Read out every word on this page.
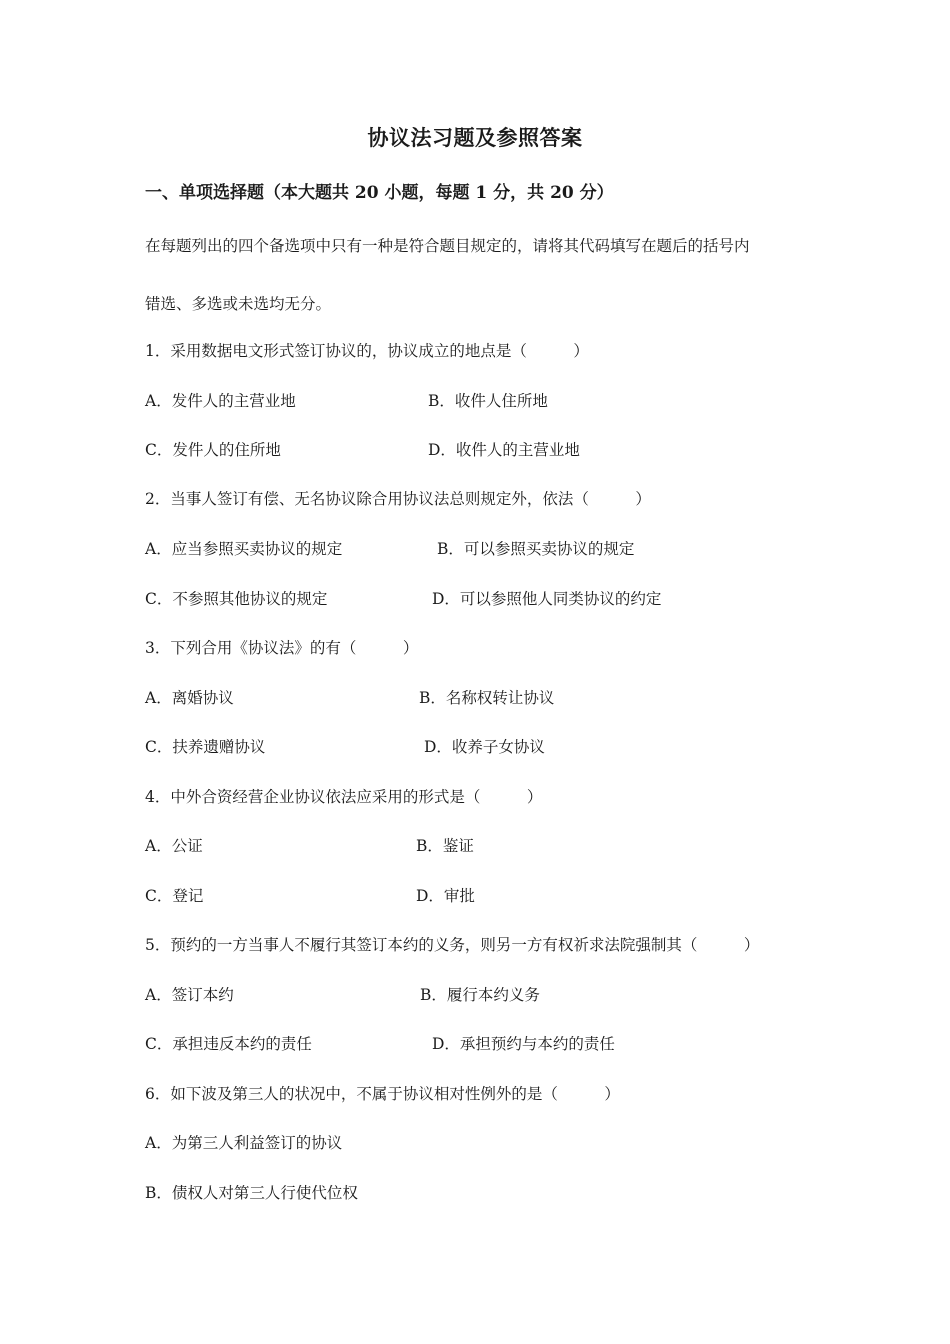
协议法习题及参照答案
一、单项选择题（本大题共 20 小题，每题 1 分，共 20 分）
在每题列出的四个备选项中只有一种是符合题目规定的，请将其代码填写在题后的括号内
错选、多选或未选均无分。
1．采用数据电文形式签订协议的，协议成立的地点是（　　　）
A．发件人的主营业地	B．收件人住所地
C．发件人的住所地	D．收件人的主营业地
2．当事人签订有偿、无名协议除合用协议法总则规定外，依法（　　　）
A．应当参照买卖协议的规定	B．可以参照买卖协议的规定
C．不参照其他协议的规定	D．可以参照他人同类协议的约定
3．下列合用《协议法》的有（　　　）
A．离婚协议	B．名称权转让协议
C．扶养遗赠协议	D．收养子女协议
4．中外合资经营企业协议依法应采用的形式是（　　　）
A．公证	B．鉴证
C．登记	D．审批
5．预约的一方当事人不履行其签订本约的义务，则另一方有权祈求法院强制其（　　　）
A．签订本约	B．履行本约义务
C．承担违反本约的责任	D．承担预约与本约的责任
6．如下波及第三人的状况中，不属于协议相对性例外的是（　　　）
A．为第三人利益签订的协议
B．债权人对第三人行使代位权
